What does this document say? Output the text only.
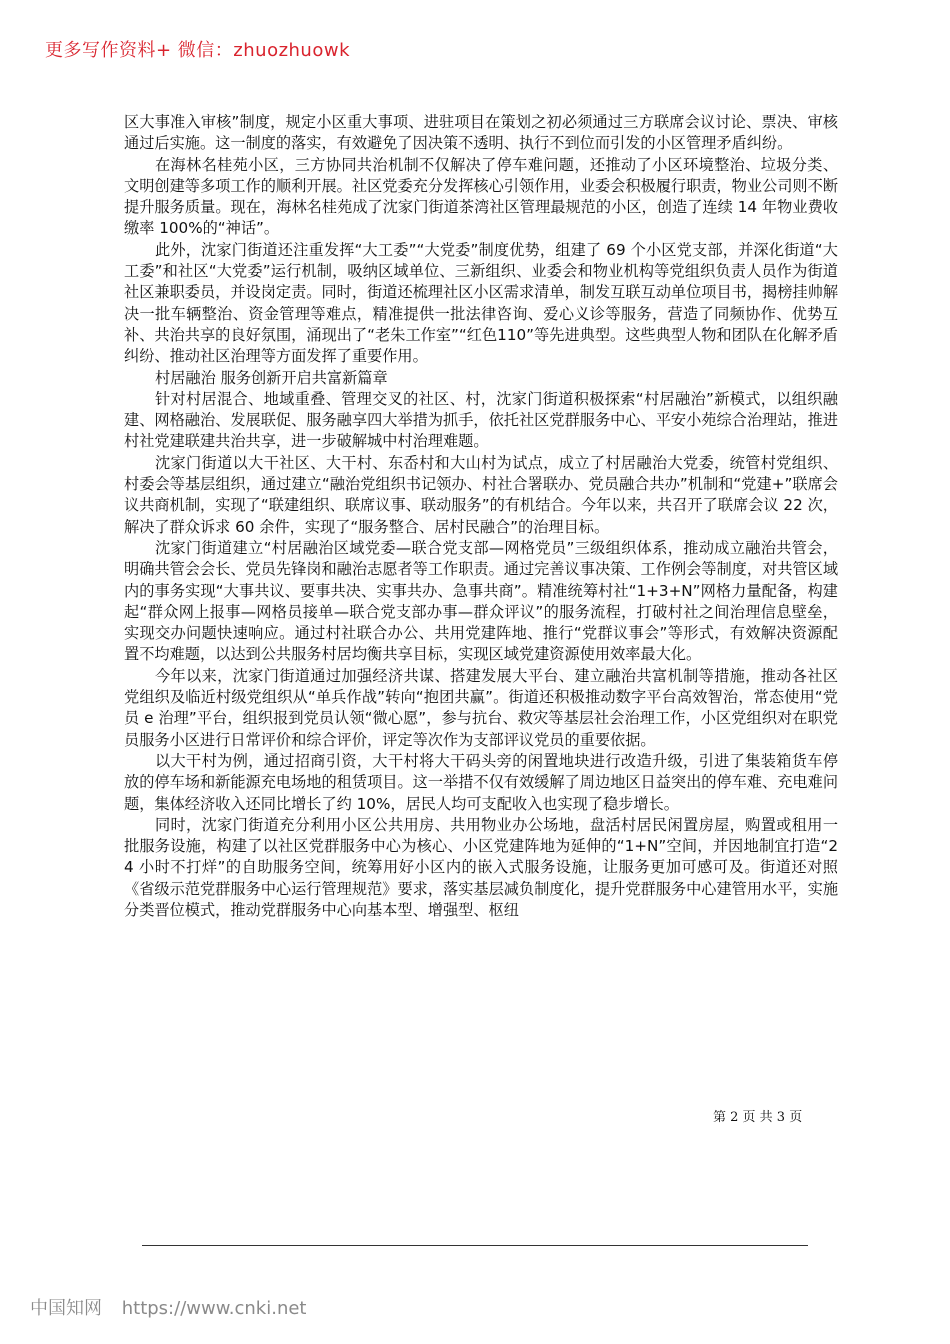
更多写作资料+ 微信：zhuozhuowk

区大事准入审核”制度，规定小区重大事项、进驻项目在策划之初必须通过三方联席会议讨论、票决、审核通过后实施。这一制度的落实，有效避免了因决策不透明、执行不到位而引发的小区管理矛盾纠纷。

在海林名桂苑小区，三方协同共治机制不仅解决了停车难问题，还推动了小区环境整治、垃圾分类、文明创建等多项工作的顺利开展。社区党委充分发挥核心引领作用，业委会积极履行职责，物业公司则不断提升服务质量。现在，海林名桂苑成了沈家门街道茶湾社区管理最规范的小区，创造了连续 14 年物业费收缴率 100%的“神话”。

此外，沈家门街道还注重发挥“大工委”“大党委”制度优势，组建了 69 个小区党支部，并深化街道“大工委”和社区“大党委”运行机制，吸纳区域单位、三新组织、业委会和物业机构等党组织负责人员作为街道社区兼职委员，并设岗定责。同时，街道还梳理社区小区需求清单，制发互联互动单位项目书，揭榜挂帅解决一批车辆整治、资金管理等难点，精准提供一批法律咨询、爱心义诊等服务，营造了同频协作、优势互补、共治共享的良好氛围，涌现出了“老朱工作室”“红色110”等先进典型。这些典型人物和团队在化解矛盾纠纷、推动社区治理等方面发挥了重要作用。

村居融治 服务创新开启共富新篇章

针对村居混合、地域重叠、管理交叉的社区、村，沈家门街道积极探索“村居融治”新模式，以组织融建、网格融治、发展联促、服务融享四大举措为抓手，依托社区党群服务中心、平安小苑综合治理站，推进村社党建联建共治共享，进一步破解城中村治理难题。

沈家门街道以大干社区、大干村、东岙村和大山村为试点，成立了村居融治大党委，统管村党组织、村委会等基层组织，通过建立“融治党组织书记领办、村社合署联办、党员融合共办”机制和“党建+”联席会议共商机制，实现了“联建组织、联席议事、联动服务”的有机结合。今年以来，共召开了联席会议 22 次，解决了群众诉求 60 余件，实现了“服务整合、居村民融合”的治理目标。

沈家门街道建立“村居融治区域党委—联合党支部—网格党员”三级组织体系，推动成立融治共管会，明确共管会会长、党员先锋岗和融治志愿者等工作职责。通过完善议事决策、工作例会等制度，对共管区域内的事务实现“大事共议、要事共决、实事共办、急事共商”。精准统筹村社“1+3+N”网格力量配备，构建起“群众网上报事—网格员接单—联合党支部办事—群众评议”的服务流程，打破村社之间治理信息壁垒，实现交办问题快速响应。通过村社联合办公、共用党建阵地、推行“党群议事会”等形式，有效解决资源配置不均难题，以达到公共服务村居均衡共享目标，实现区域党建资源使用效率最大化。

今年以来，沈家门街道通过加强经济共谋、搭建发展大平台、建立融治共富机制等措施，推动各社区党组织及临近村级党组织从“单兵作战”转向“抱团共赢”。街道还积极推动数字平台高效智治，常态使用“党员 e 治理”平台，组织报到党员认领“微心愿”，参与抗台、救灾等基层社会治理工作，小区党组织对在职党员服务小区进行日常评价和综合评价，评定等次作为支部评议党员的重要依据。

以大干村为例，通过招商引资，大干村将大干码头旁的闲置地块进行改造升级，引进了集装箱货车停放的停车场和新能源充电场地的租赁项目。这一举措不仅有效缓解了周边地区日益突出的停车难、充电难问题，集体经济收入还同比增长了约 10%，居民人均可支配收入也实现了稳步增长。

同时，沈家门街道充分利用小区公共用房、共用物业办公场地，盘活村居民闲置房屋，购置或租用一批服务设施，构建了以社区党群服务中心为核心、小区党建阵地为延伸的“1+N”空间，并因地制宜打造“24 小时不打烊”的自助服务空间，统筹用好小区内的嵌入式服务设施，让服务更加可感可及。街道还对照《省级示范党群服务中心运行管理规范》要求，落实基层减负制度化，提升党群服务中心建管用水平，实施分类晋位模式，推动党群服务中心向基本型、增强型、枢纽

第 2 页 共 3 页
中国知网 https://www.cnki.net
